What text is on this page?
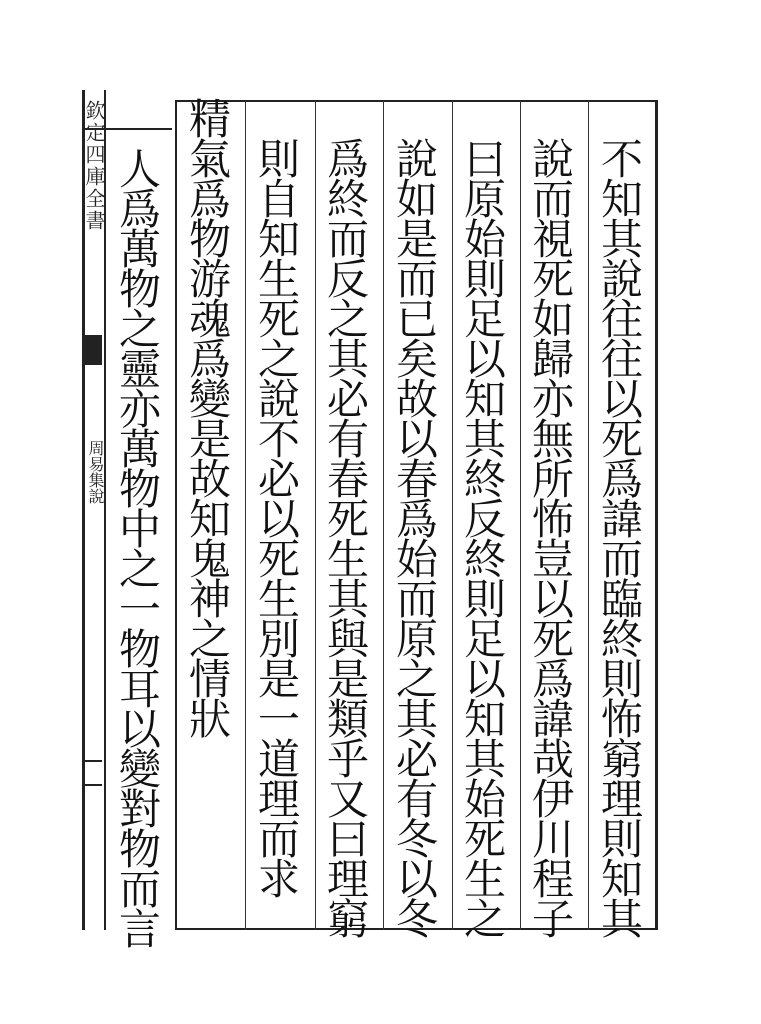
欽定四庫全書
周易集說
不
知
其
說
往
往
以
死
爲
諱
而
臨
終
則
怖
窮
理
則
知
其
說
而
視
死
如
歸
亦
無
所
怖
豈
以
死
爲
諱
哉
伊
川
程
子
曰
原
始
則
足
以
知
其
終
反
終
則
足
以
知
其
始
死
生
之
說
如
是
而
已
矣
故
以
春
爲
始
而
原
之
其
必
有
冬
以
冬
爲
終
而
反
之
其
必
有
春
死
生
其
與
是
類
乎
又
曰
理
窮
則
自
知
生
死
之
說
不
必
以
死
生
別
是
一
道
理
而
求
精
氣
爲
物
游
魂
爲
變
是
故
知
鬼
神
之
情
狀
人
爲
萬
物
之
靈
亦
萬
物
中
之
一
物
耳
以
變
對
物
而
言
